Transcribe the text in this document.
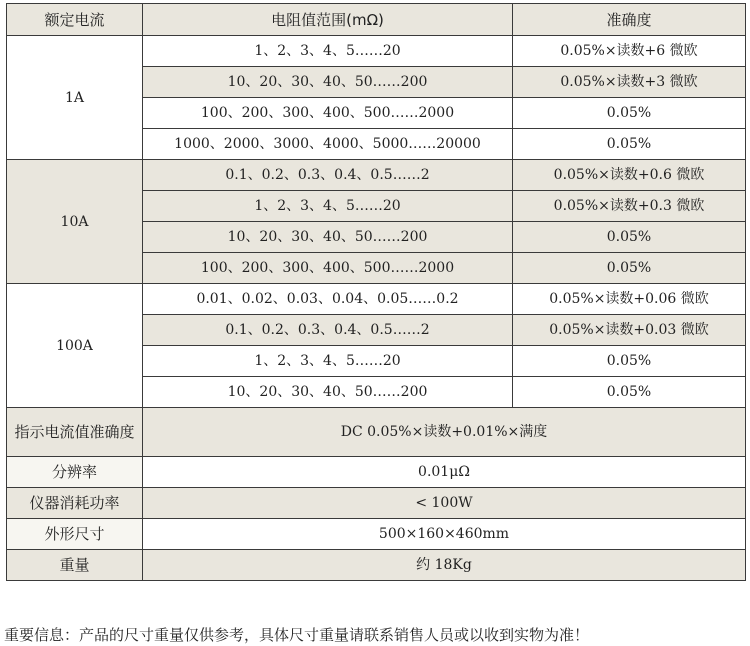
额定电流	电阻值范围(mΩ)	准确度
1A	1、2、3、4、5……20	0.05%×读数+6 微欧
	10、20、30、40、50……200	0.05%×读数+3 微欧
	100、200、300、400、500……2000	0.05%
	1000、2000、3000、4000、5000……20000	0.05%
10A	0.1、0.2、0.3、0.4、0.5……2	0.05%×读数+0.6 微欧
	1、2、3、4、5……20	0.05%×读数+0.3 微欧
	10、20、30、40、50……200	0.05%
	100、200、300、400、500……2000	0.05%
100A	0.01、0.02、0.03、0.04、0.05……0.2	0.05%×读数+0.06 微欧
	0.1、0.2、0.3、0.4、0.5……2	0.05%×读数+0.03 微欧
	1、2、3、4、5……20	0.05%
	10、20、30、40、50……200	0.05%
指示电流值准确度	DC 0.05%×读数+0.01%×满度	
分辨率	0.01μΩ	
仪器消耗功率	< 100W	
外形尺寸	500×160×460mm	
重量	约 18Kg	
重要信息：产品的尺寸重量仅供参考，具体尺寸重量请联系销售人员或以收到实物为准！
